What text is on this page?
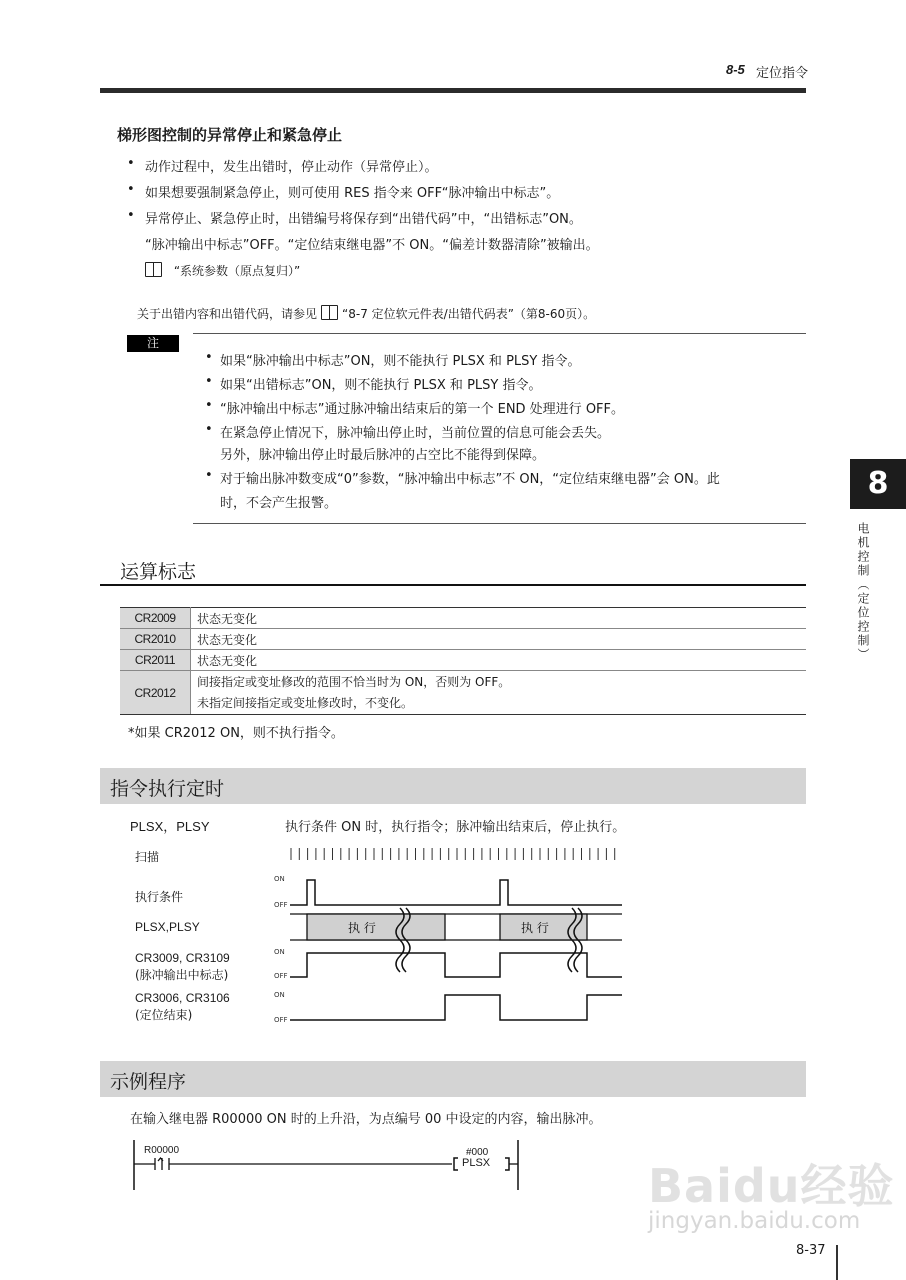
8-5 定位指令
梯形图控制的异常停止和紧急停止
• 动作过程中，发生出错时，停止动作（异常停止）。
• 如果想要强制紧急停止，则可使用 RES 指令来 OFF“脉冲输出中标志”。
• 异常停止、紧急停止时，出错编号将保存到“出错代码”中，“出错标志”ON。
“脉冲输出中标志”OFF。“定位结束继电器”不 ON。“偏差计数器清除”被输出。
“系统参数（原点复归）”
关于出错内容和出错代码，请参见 “8-7 定位软元件表/出错代码表”（第8-60页）。
注
• 如果“脉冲输出中标志”ON，则不能执行 PLSX 和 PLSY 指令。
• 如果“出错标志”ON，则不能执行 PLSX 和 PLSY 指令。
• “脉冲输出中标志”通过脉冲输出结束后的第一个 END 处理进行 OFF。
• 在紧急停止情况下，脉冲输出停止时，当前位置的信息可能会丢失。
另外，脉冲输出停止时最后脉冲的占空比不能得到保障。
• 对于输出脉冲数变成“0”参数，“脉冲输出中标志”不 ON，“定位结束继电器”会 ON。此
时，不会产生报警。
运算标志
CR2009	状态无变化
CR2010	状态无变化
CR2011	状态无变化
CR2012	间接指定或变址修改的范围不恰当时为 ON，否则为 OFF。
未指定间接指定或变址修改时，不变化。
*如果 CR2012 ON，则不执行指令。
指令执行定时
PLSX，PLSY	执行条件 ON 时，执行指令；脉冲输出结束后，停止执行。
扫描
执行条件
PLSX,PLSY
CR3009, CR3109
(脉冲输出中标志)
CR3006, CR3106
(定位结束)
ON
OFF
ON
OFF
ON
OFF
执 行	执 行
示例程序
在输入继电器 R00000 ON 时的上升沿，为点编号 00 中设定的内容，输出脉冲。
R00000	#000
PLSX
8
电机控制（定位控制）
Baidu经验
jingyan.baidu.com
8-37
